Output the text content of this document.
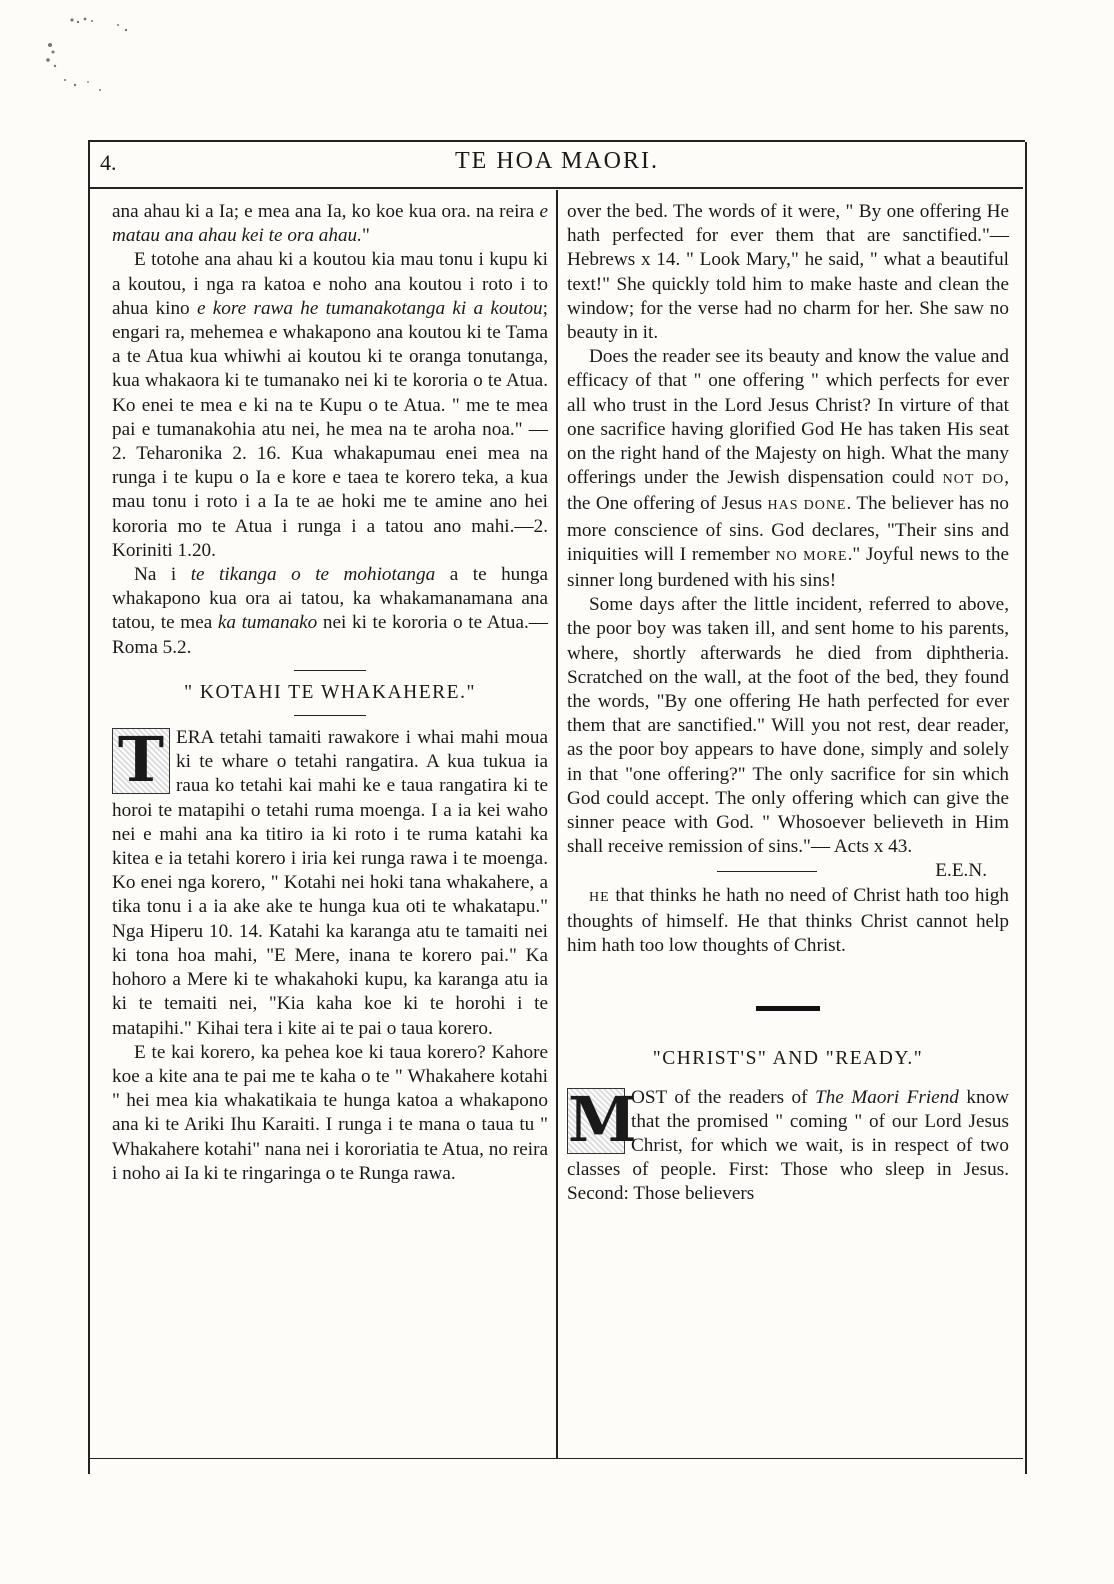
4.	TE HOA MAORI.

ana ahau ki a Ia; e mea ana Ia, ko koe kua ora. na reira e matau ana ahau kei te ora ahau."

E totohe ana ahau ki a koutou kia mau tonu i kupu ki a koutou, i nga ra katoa e noho ana koutou i roto i to ahua kino e kore rawa he tumanakotanga ki a koutou; engari ra, mehemea e whakapono ana koutou ki te Tama a te Atua kua whiwhi ai koutou ki te oranga tonutanga, kua whakaora ki te tumanako nei ki te kororia o te Atua. Ko enei te mea e ki na te Kupu o te Atua. " me te mea pai e tumanakohia atu nei, he mea na te aroha noa." — 2. Teharonika 2. 16. Kua whakapumau enei mea na runga i te kupu o Ia e kore e taea te korero teka, a kua mau tonu i roto i a Ia te ae hoki me te amine ano hei kororia mo te Atua i runga i a tatou ano mahi.—2. Koriniti 1.20.

Na i te tikanga o te mohiotanga a te hunga whakapono kua ora ai tatou, ka whakamanamana ana tatou, te mea ka tumanako nei ki te kororia o te Atua.—Roma 5.2.

" KOTAHI TE WHAKAHERE."

T ERA tetahi tamaiti rawakore i whai mahi moua ki te whare o tetahi rangatira. A kua tukua ia raua ko tetahi kai mahi ke e taua rangatira ki te horoi te matapihi o tetahi ruma moenga. I a ia kei waho nei e mahi ana ka titiro ia ki roto i te ruma katahi ka kitea e ia tetahi korero i iria kei runga rawa i te moenga. Ko enei nga korero, " Kotahi nei hoki tana whakahere, a tika tonu i a ia ake ake te hunga kua oti te whakatapu." Nga Hiperu 10. 14. Katahi ka karanga atu te tamaiti nei ki tona hoa mahi, "E Mere, inana te korero pai." Ka hohoro a Mere ki te whakahoki kupu, ka karanga atu ia ki te temaiti nei, "Kia kaha koe ki te horohi i te matapihi." Kihai tera i kite ai te pai o taua korero.

E te kai korero, ka pehea koe ki taua korero? Kahore koe a kite ana te pai me te kaha o te " Whakahere kotahi " hei mea kia whakatikaia te hunga katoa a whakapono ana ki te Ariki Ihu Karaiti. I runga i te mana o taua tu " Whakahere kotahi" nana nei i kororiatia te Atua, no reira i noho ai Ia ki te ringaringa o te Runga rawa.

over the bed. The words of it were, " By one offering He hath perfected for ever them that are sanctified."—Hebrews x 14. " Look Mary," he said, " what a beautiful text!" She quickly told him to make haste and clean the window; for the verse had no charm for her. She saw no beauty in it.

Does the reader see its beauty and know the value and efficacy of that " one offering " which perfects for ever all who trust in the Lord Jesus Christ? In virture of that one sacrifice having glorified God He has taken His seat on the right hand of the Majesty on high. What the many offerings under the Jewish dispensation could NOT DO, the One offering of Jesus HAS DONE. The believer has no more conscience of sins. God declares, "Their sins and iniquities will I remember NO MORE." Joyful news to the sinner long burdened with his sins!

Some days after the little incident, referred to above, the poor boy was taken ill, and sent home to his parents, where, shortly afterwards he died from diphtheria. Scratched on the wall, at the foot of the bed, they found the words, "By one offering He hath perfected for ever them that are sanctified." Will you not rest, dear reader, as the poor boy appears to have done, simply and solely in that "one offering?" The only sacrifice for sin which God could accept. The only offering which can give the sinner peace with God. " Whosoever believeth in Him shall receive remission of sins."— Acts x 43.

E.E.N.

HE that thinks he hath no need of Christ hath too high thoughts of himself. He that thinks Christ cannot help him hath too low thoughts of Christ.

"CHRIST'S" AND "READY."

M
OST of the readers of The Maori Friend know that the promised " coming " of our Lord Jesus Christ, for which we wait, is in respect of two classes of people. First: Those who sleep in Jesus. Second: Those believers
